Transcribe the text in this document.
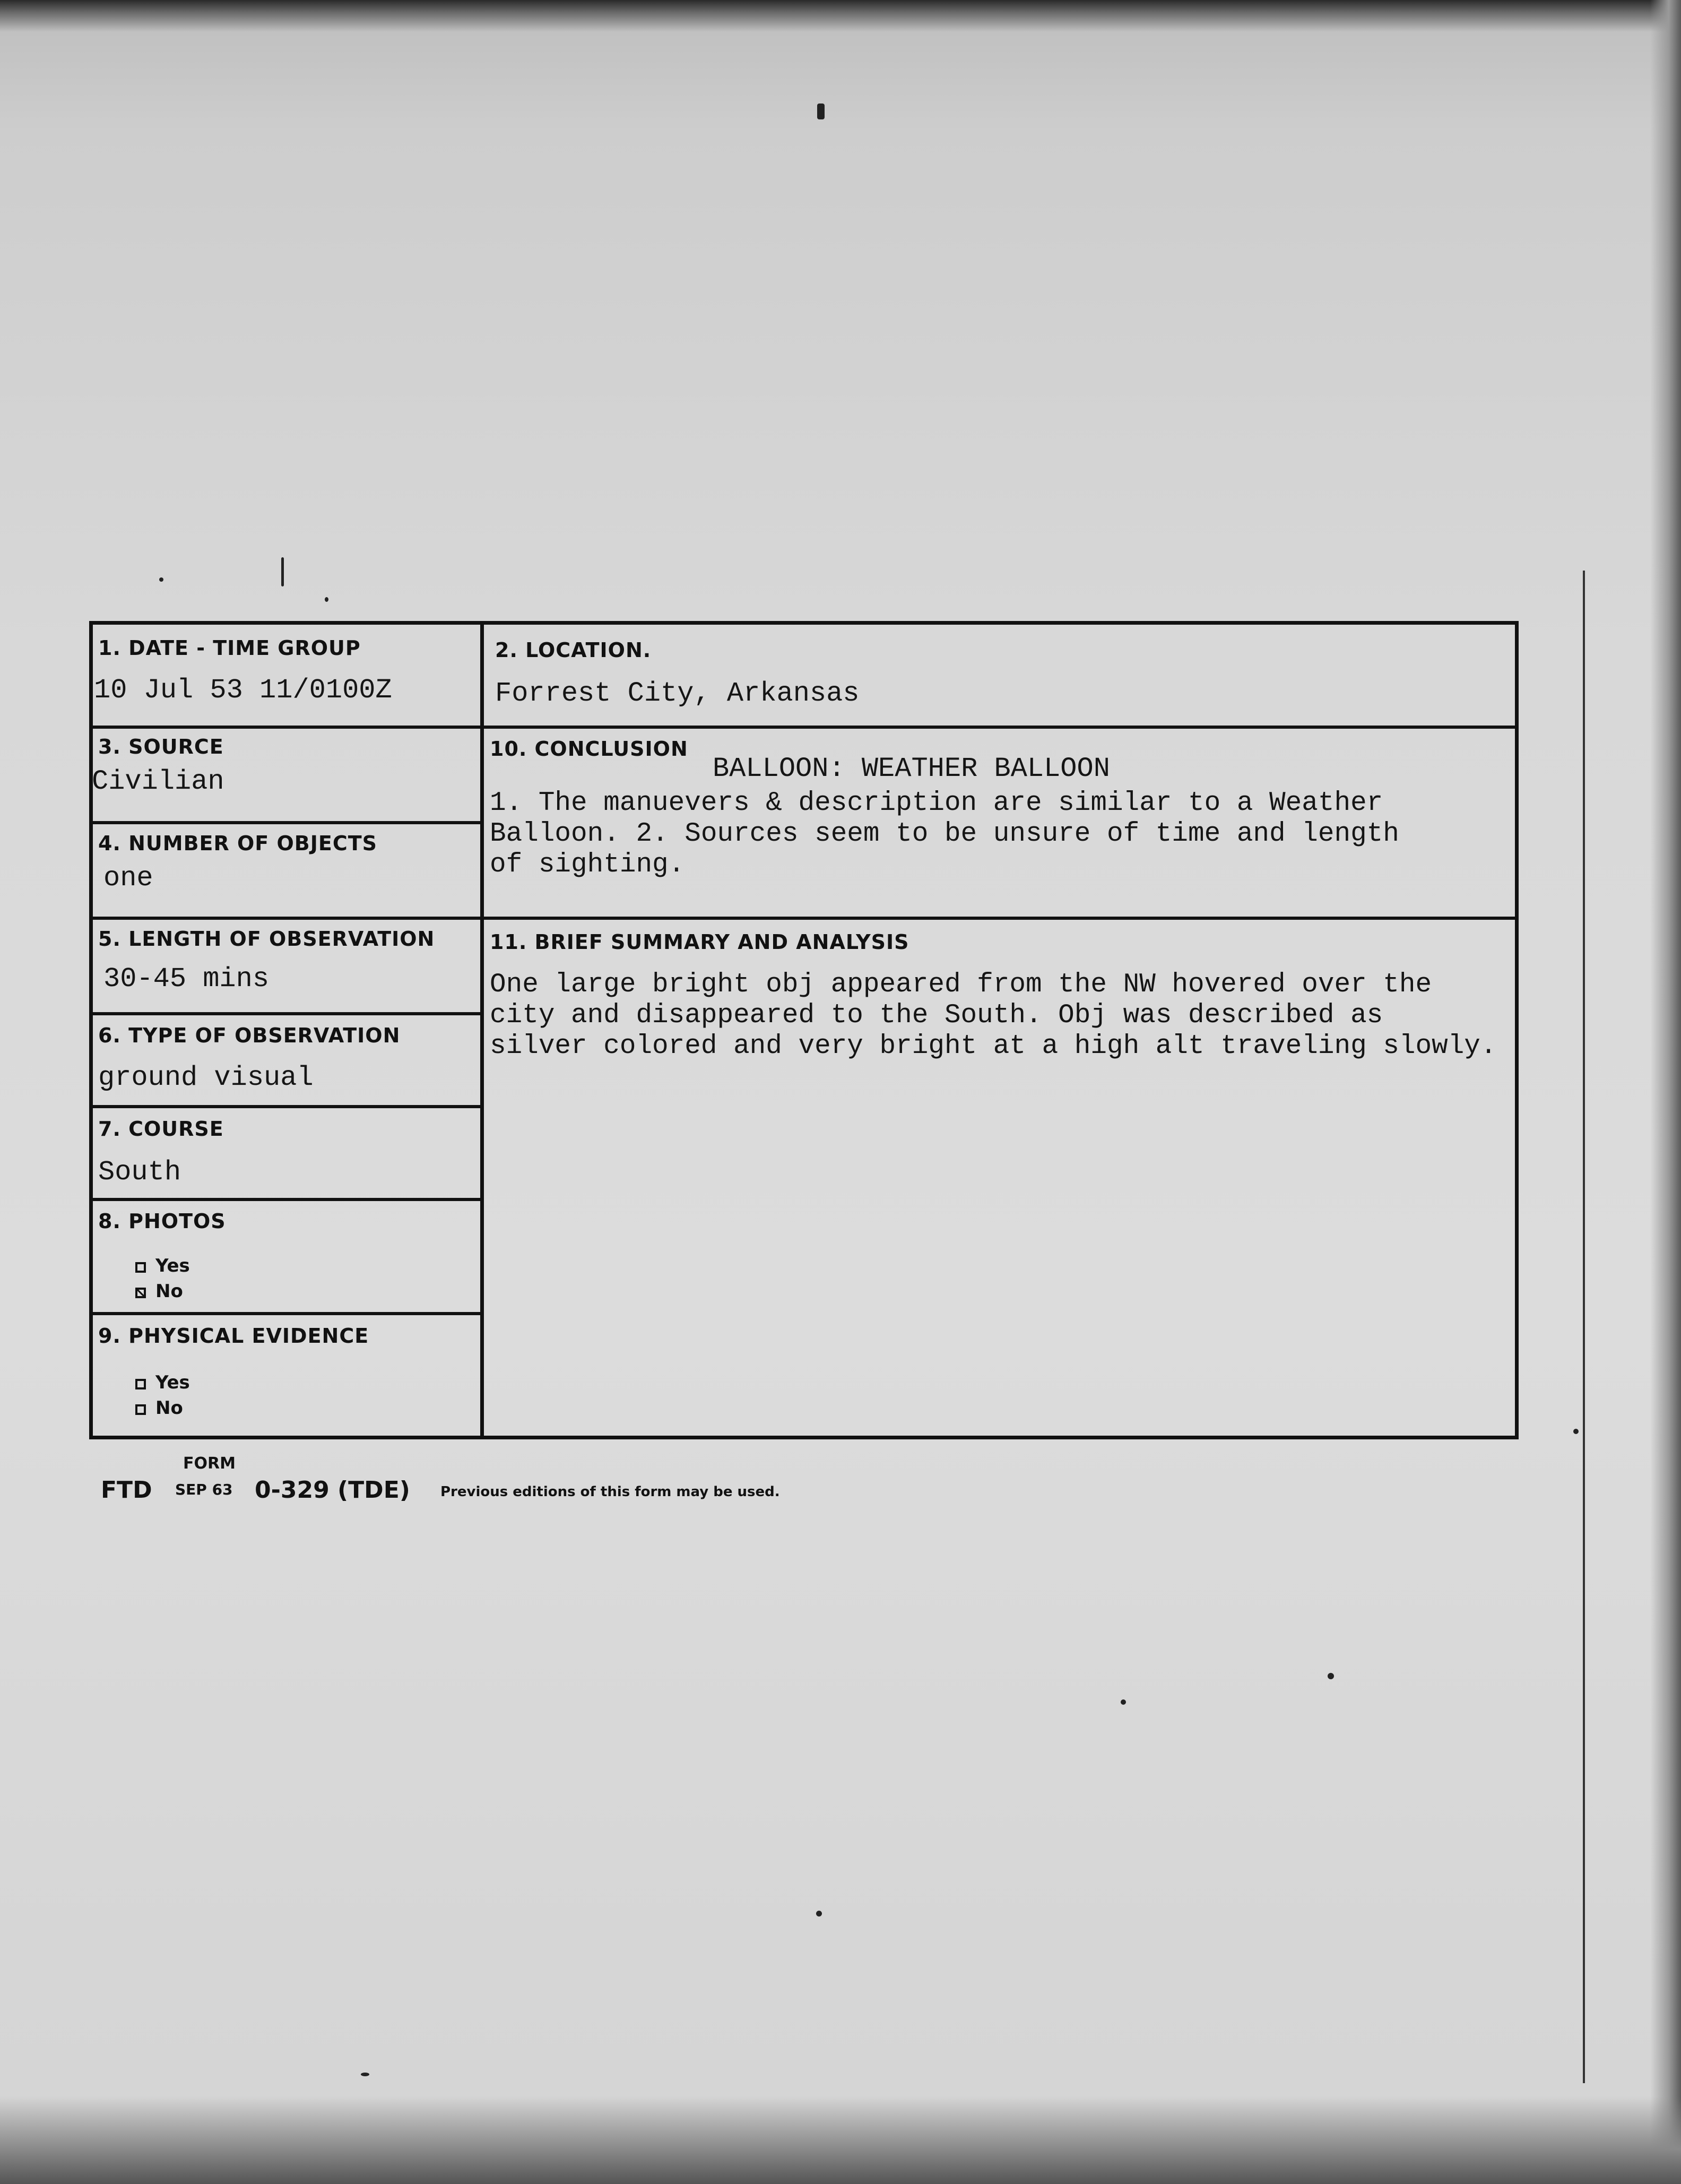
1. DATE - TIME GROUP
10 Jul 53 11/0100Z
2. LOCATION.
Forrest City, Arkansas
3. SOURCE
Civilian
4. NUMBER OF OBJECTS
one
5. LENGTH OF OBSERVATION
30-45 mins
6. TYPE OF OBSERVATION
ground visual
7. COURSE
South
8. PHOTOS
Yes
No
9. PHYSICAL EVIDENCE
Yes
No
10. CONCLUSION
BALLOON: WEATHER BALLOON
1. The manuevers & description are similar to a Weather
Balloon. 2. Sources seem to be unsure of time and length
of sighting.
11. BRIEF SUMMARY AND ANALYSIS
One large bright obj appeared from the NW hovered over the
city and disappeared to the South. Obj was described as
silver colored and very bright at a high alt traveling slowly.
FORM
FTD SEP 63 0-329 (TDE) Previous editions of this form may be used.
